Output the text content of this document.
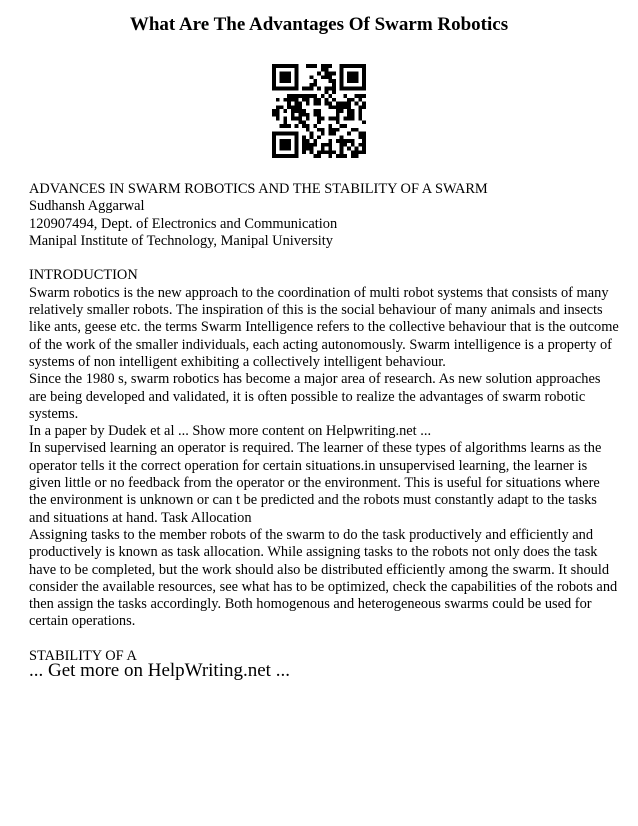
What Are The Advantages Of Swarm Robotics
ADVANCES IN SWARM ROBOTICS AND THE STABILITY OF A SWARM
Sudhansh Aggarwal
120907494, Dept. of Electronics and Communication
Manipal Institute of Technology, Manipal University
INTRODUCTION
Swarm robotics is the new approach to the coordination of multi robot systems that consists of many
relatively smaller robots. The inspiration of this is the social behaviour of many animals and insects
like ants, geese etc. the terms Swarm Intelligence refers to the collective behaviour that is the outcome
of the work of the smaller individuals, each acting autonomously. Swarm intelligence is a property of
systems of non intelligent exhibiting a collectively intelligent behaviour.
Since the 1980 s, swarm robotics has become a major area of research. As new solution approaches
are being developed and validated, it is often possible to realize the advantages of swarm robotic
systems.
In a paper by Dudek et al ... Show more content on Helpwriting.net ...
In supervised learning an operator is required. The learner of these types of algorithms learns as the
operator tells it the correct operation for certain situations.in unsupervised learning, the learner is
given little or no feedback from the operator or the environment. This is useful for situations where
the environment is unknown or can t be predicted and the robots must constantly adapt to the tasks
and situations at hand. Task Allocation
Assigning tasks to the member robots of the swarm to do the task productively and efficiently and
productively is known as task allocation. While assigning tasks to the robots not only does the task
have to be completed, but the work should also be distributed efficiently among the swarm. It should
consider the available resources, see what has to be optimized, check the capabilities of the robots and
then assign the tasks accordingly. Both homogenous and heterogeneous swarms could be used for
certain operations.
STABILITY OF A
... Get more on HelpWriting.net ...
